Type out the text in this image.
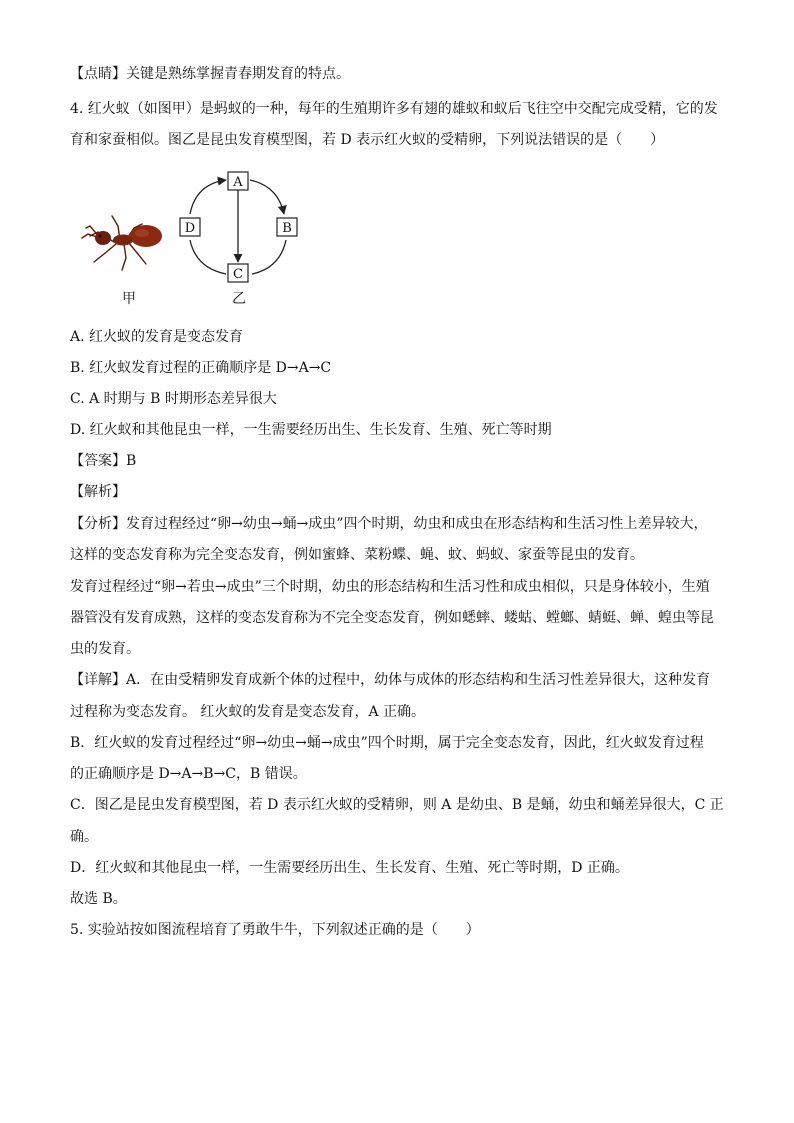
【点睛】关键是熟练掌握青春期发育的特点。
4. 红火蚁（如图甲）是蚂蚁的一种，每年的生殖期许多有翅的雄蚁和蚁后飞往空中交配完成受精，它的发
育和家蚕相似。图乙是昆虫发育模型图，若 D 表示红火蚁的受精卵，下列说法错误的是（　　）
甲
A
B
C
D
乙
A. 红火蚁的发育是变态发育
B. 红火蚁发育过程的正确顺序是 D→A→C
C. A 时期与 B 时期形态差异很大
D. 红火蚁和其他昆虫一样，一生需要经历出生、生长发育、生殖、死亡等时期
【答案】B
【解析】
【分析】发育过程经过“卵→幼虫→蛹→成虫”四个时期，幼虫和成虫在形态结构和生活习性上差异较大，
这样的变态发育称为完全变态发育，例如蜜蜂、菜粉蝶、蝇、蚊、蚂蚁、家蚕等昆虫的发育。
发育过程经过“卵→若虫→成虫”三个时期，幼虫的形态结构和生活习性和成虫相似，只是身体较小，生殖
器管没有发育成熟，这样的变态发育称为不完全变态发育，例如蟋蟀、蝼蛄、螳螂、蜻蜓、蝉、蝗虫等昆
虫的发育。
【详解】A．在由受精卵发育成新个体的过程中，幼体与成体的形态结构和生活习性差异很大，这种发育
过程称为变态发育。 红火蚁的发育是变态发育，A 正确。
B．红火蚁的发育过程经过“卵→幼虫→蛹→成虫”四个时期，属于完全变态发育，因此，红火蚁发育过程
的正确顺序是 D→A→B→C，B 错误。
C．图乙是昆虫发育模型图，若 D 表示红火蚁的受精卵，则 A 是幼虫、B 是蛹，幼虫和蛹差异很大，C 正
确。
D．红火蚁和其他昆虫一样，一生需要经历出生、生长发育、生殖、死亡等时期，D 正确。
故选 B。
5. 实验站按如图流程培育了勇敢牛牛，下列叙述正确的是（　　）
